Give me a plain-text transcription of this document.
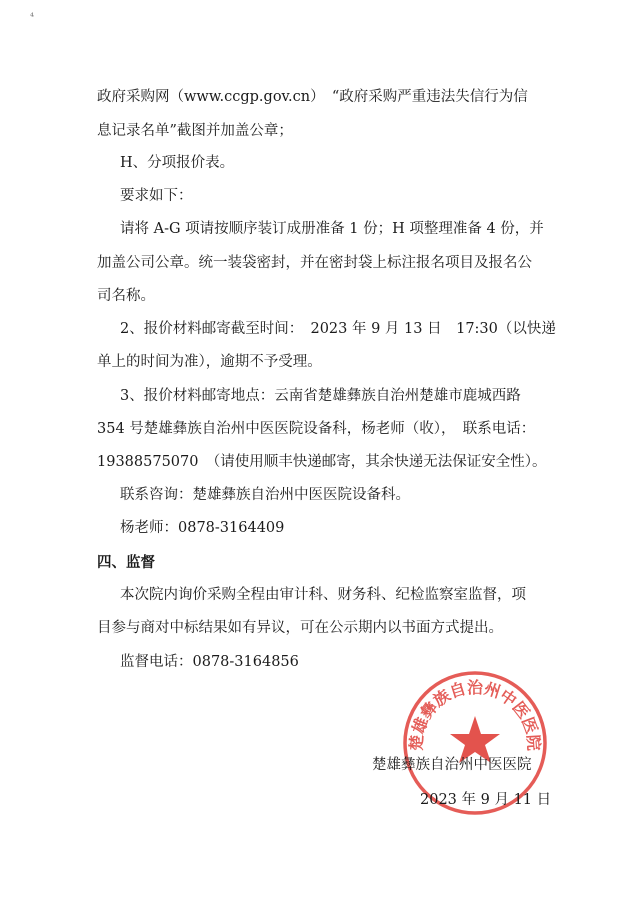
⁴
政府采购网（www.ccgp.gov.cn）　“政府采购严重违法失信行为信
息记录名单”截图并加盖公章；
H、分项报价表。
要求如下：
请将 A-G 项请按顺序装订成册准备 1 份；H 项整理准备 4 份，并
加盖公司公章。统一装袋密封，并在密封袋上标注报名项目及报名公
司名称。
2、报价材料邮寄截至时间：　2023 年 9 月 13 日　17:30（以快递
单上的时间为准），逾期不予受理。
3、报价材料邮寄地点：云南省楚雄彝族自治州楚雄市鹿城西路
354 号楚雄彝族自治州中医医院设备科，杨老师（收），　联系电话：
19388575070　（请使用顺丰快递邮寄，其余快递无法保证安全性）。
联系咨询：楚雄彝族自治州中医医院设备科。
杨老师：0878-3164409
四、监督
本次院内询价采购全程由审计科、财务科、纪检监察室监督，项
目参与商对中标结果如有异议，可在公示期内以书面方式提出。
监督电话：0878-3164856
楚雄彝族自治州中医医院
楚雄彝族自治州中医医院
2023 年 9 月 11 日
